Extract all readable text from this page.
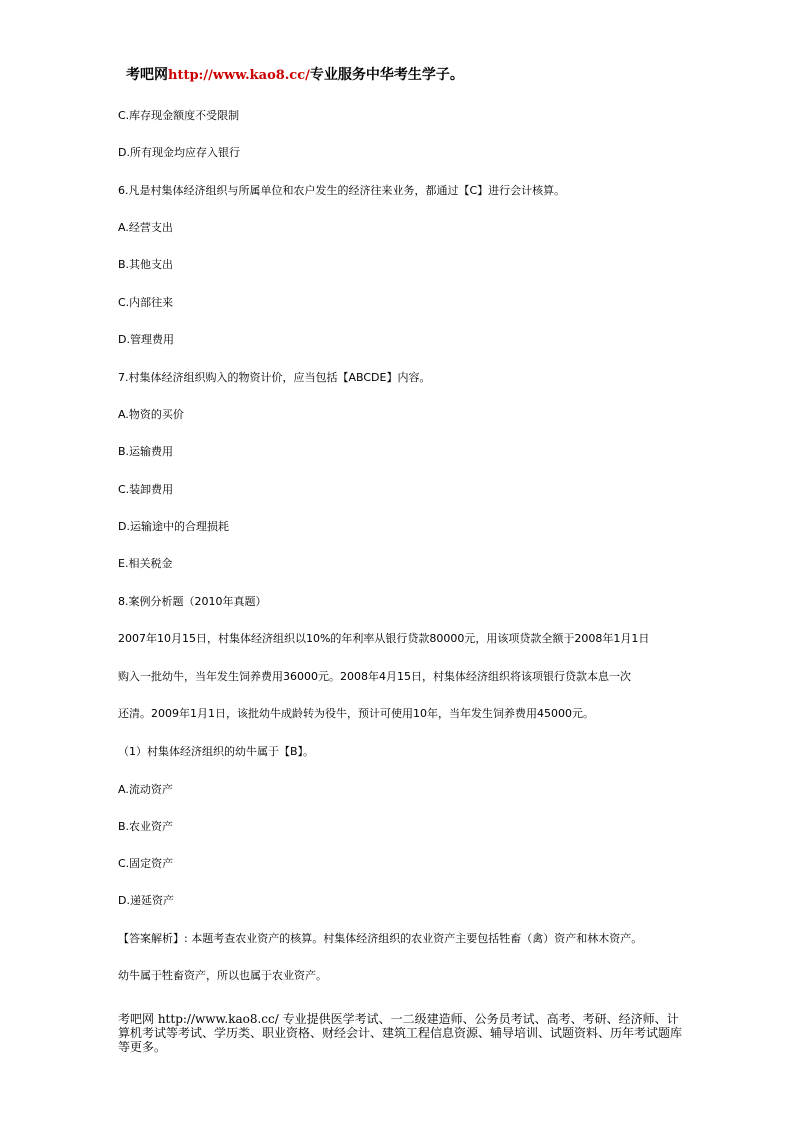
考吧网http://www.kao8.cc/专业服务中华考生学子。
C.库存现金额度不受限制
D.所有现金均应存入银行
6.凡是村集体经济组织与所属单位和农户发生的经济往来业务，都通过【C】进行会计核算。
A.经营支出
B.其他支出
C.内部往来
D.管理费用
7.村集体经济组织购入的物资计价，应当包括【ABCDE】内容。
A.物资的买价
B.运输费用
C.装卸费用
D.运输途中的合理损耗
E.相关税金
8.案例分析题（2010年真题）
2007年10月15日，村集体经济组织以10%的年利率从银行贷款80000元，用该项贷款全额于2008年1月1日
购入一批幼牛，当年发生饲养费用36000元。2008年4月15日，村集体经济组织将该项银行贷款本息一次
还清。2009年1月1日，该批幼牛成龄转为役牛，预计可使用10年，当年发生饲养费用45000元。
（1）村集体经济组织的幼牛属于【B】。
A.流动资产
B.农业资产
C.固定资产
D.递延资产
【答案解析】: 本题考查农业资产的核算。村集体经济组织的农业资产主要包括牲畜（禽）资产和林木资产。
幼牛属于牲畜资产，所以也属于农业资产。
考吧网 http://www.kao8.cc/ 专业提供医学考试、一二级建造师、公务员考试、高考、考研、经济师、计算机考试等考试、学历类、职业资格、财经会计、建筑工程信息资源、辅导培训、试题资料、历年考试题库等更多。
